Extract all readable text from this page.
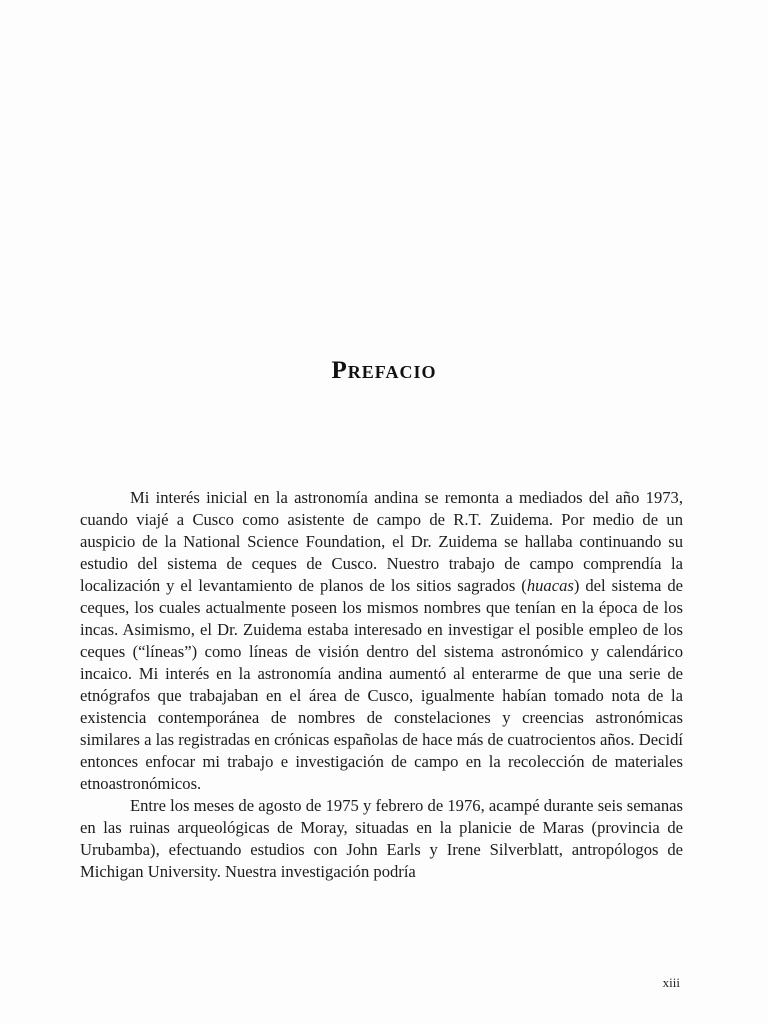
Prefacio

Mi interés inicial en la astronomía andina se remonta a mediados del año 1973, cuando viajé a Cusco como asistente de campo de R.T. Zuidema. Por medio de un auspicio de la National Science Foundation, el Dr. Zuidema se hallaba continuando su estudio del sistema de ceques de Cusco. Nuestro trabajo de campo comprendía la localización y el levantamiento de planos de los sitios sagrados (huacas) del sistema de ceques, los cuales actualmente poseen los mismos nombres que tenían en la época de los incas. Asimismo, el Dr. Zuidema estaba interesado en investigar el posible empleo de los ceques (“líneas”) como líneas de visión dentro del sistema astronómico y calendárico incaico. Mi interés en la astronomía andina aumentó al enterarme de que una serie de etnógrafos que trabajaban en el área de Cusco, igualmente habían tomado nota de la existencia contemporánea de nombres de constelaciones y creencias astronómicas similares a las registradas en crónicas españolas de hace más de cuatrocientos años. Decidí entonces enfocar mi trabajo e investigación de campo en la recolección de materiales etnoastronómicos.

Entre los meses de agosto de 1975 y febrero de 1976, acampé durante seis semanas en las ruinas arqueológicas de Moray, situadas en la planicie de Maras (provincia de Urubamba), efectuando estudios con John Earls y Irene Silverblatt, antropólogos de Michigan University. Nuestra investigación podría

xiii
